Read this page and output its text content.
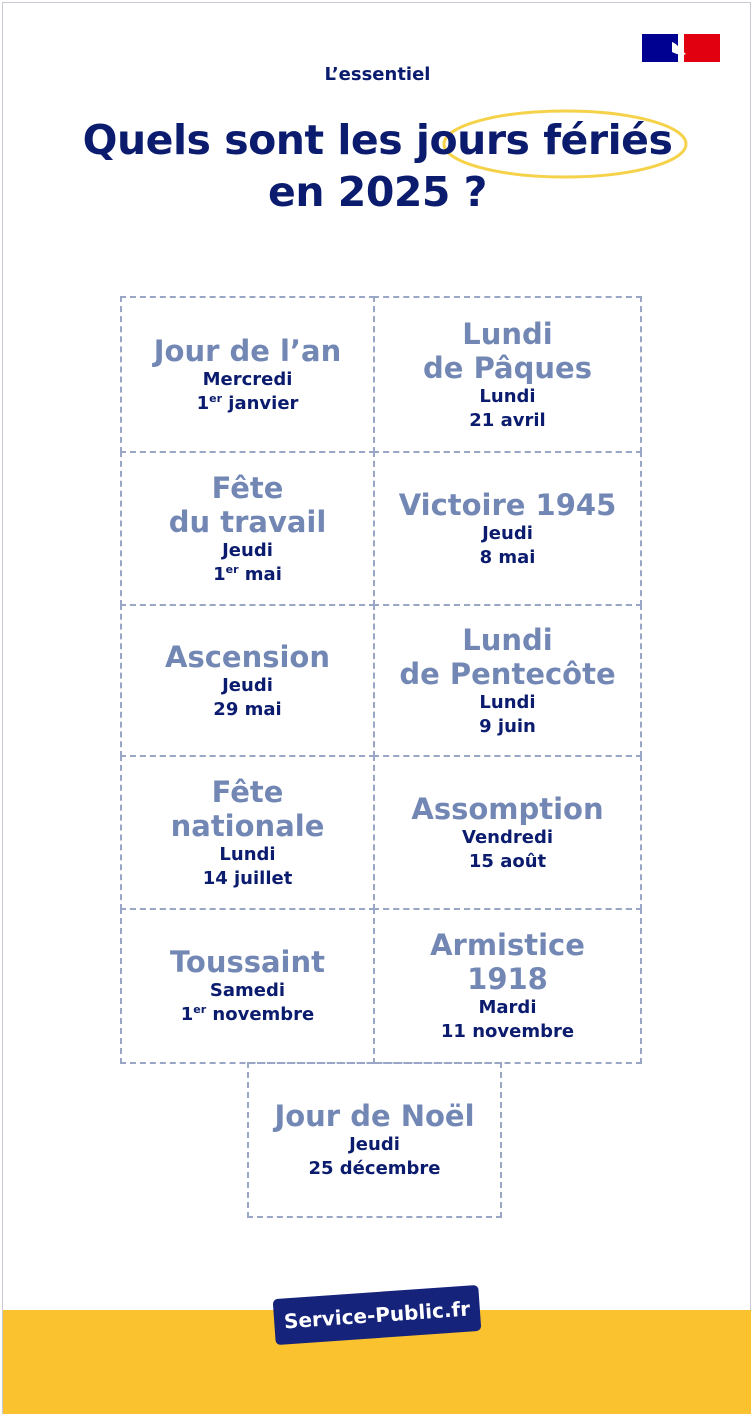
L’essentiel
Quels sont les jours fériés
en 2025 ?
Jour de l’an
Mercredi
1er janvier
Lundi
de Pâques
Lundi
21 avril
Fête
du travail
Jeudi
1er mai
Victoire 1945
Jeudi
8 mai
Ascension
Jeudi
29 mai
Lundi
de Pentecôte
Lundi
9 juin
Fête
nationale
Lundi
14 juillet
Assomption
Vendredi
15 août
Toussaint
Samedi
1er novembre
Armistice
1918
Mardi
11 novembre
Jour de Noël
Jeudi
25 décembre
Service-Public.fr
